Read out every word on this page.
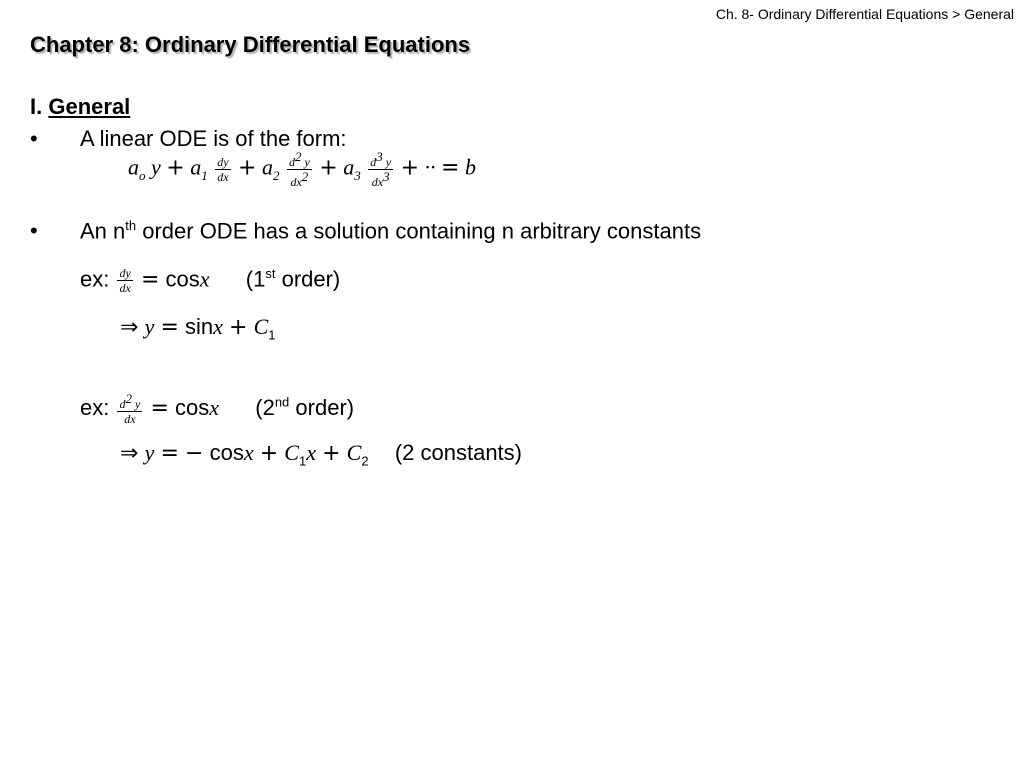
Ch. 8- Ordinary Differential Equations > General
Chapter 8: Ordinary Differential Equations
I. General
• A linear ODE is of the form:
$a_o$ $y + a_1 \frac{dy}{dx} + a_2 \frac{d^2 y}{dx^2} + a_3 \frac{d^3 y}{dx^3}$ + ·· = b
• An $n^{th}$ order ODE has a solution containing n arbitrary constants
ex: $\frac{dy}{dx} = \cos x$ (1st order)
⇒ $y = \sin x + C_1$
ex: $\frac{d^2 y}{dx} = \cos x$ (2nd order)
⇒ y = − $\cos x + C_1x + C_2$ (2 constants)
